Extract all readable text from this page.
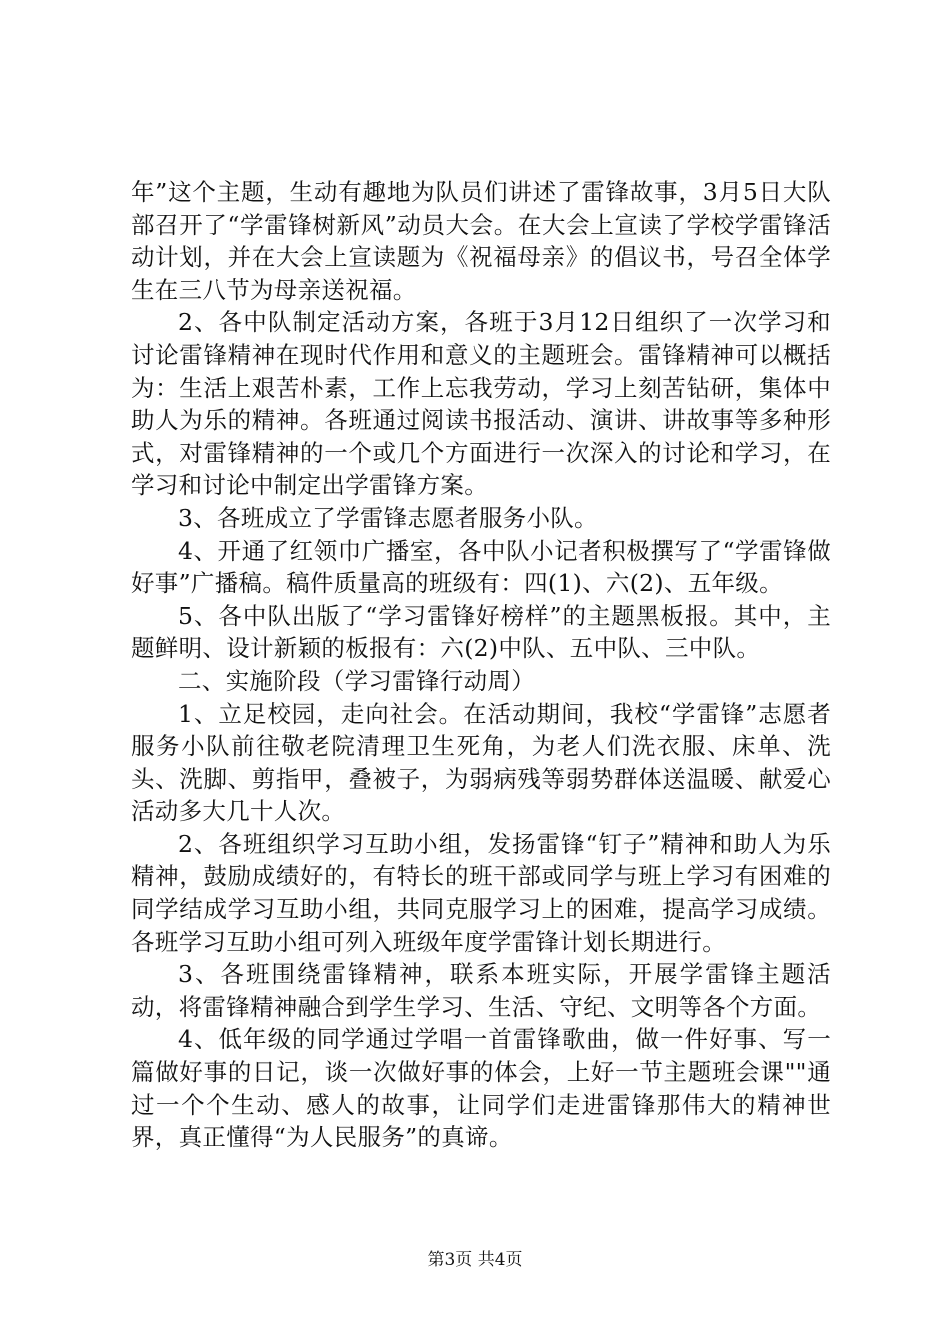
年”这个主题，生动有趣地为队员们讲述了雷锋故事，3月5日大队部召开了“学雷锋树新风”动员大会。在大会上宣读了学校学雷锋活动计划，并在大会上宣读题为《祝福母亲》的倡议书，号召全体学生在三八节为母亲送祝福。

2、各中队制定活动方案，各班于3月12日组织了一次学习和讨论雷锋精神在现时代作用和意义的主题班会。雷锋精神可以概括为：生活上艰苦朴素，工作上忘我劳动，学习上刻苦钻研，集体中助人为乐的精神。各班通过阅读书报活动、演讲、讲故事等多种形式，对雷锋精神的一个或几个方面进行一次深入的讨论和学习，在学习和讨论中制定出学雷锋方案。

3、各班成立了学雷锋志愿者服务小队。

4、开通了红领巾广播室，各中队小记者积极撰写了“学雷锋做好事”广播稿。稿件质量高的班级有：四(1)、六(2)、五年级。

5、各中队出版了“学习雷锋好榜样”的主题黑板报。其中，主题鲜明、设计新颖的板报有：六(2)中队、五中队、三中队。

二、实施阶段（学习雷锋行动周）

1、立足校园，走向社会。在活动期间，我校“学雷锋”志愿者服务小队前往敬老院清理卫生死角，为老人们洗衣服、床单、洗头、洗脚、剪指甲，叠被子，为弱病残等弱势群体送温暖、献爱心活动多大几十人次。

2、各班组织学习互助小组，发扬雷锋“钉子”精神和助人为乐精神，鼓励成绩好的，有特长的班干部或同学与班上学习有困难的同学结成学习互助小组，共同克服学习上的困难，提高学习成绩。各班学习互助小组可列入班级年度学雷锋计划长期进行。

3、各班围绕雷锋精神，联系本班实际，开展学雷锋主题活动，将雷锋精神融合到学生学习、生活、守纪、文明等各个方面。

4、低年级的同学通过学唱一首雷锋歌曲，做一件好事、写一篇做好事的日记，谈一次做好事的体会，上好一节主题班会课""通过一个个生动、感人的故事，让同学们走进雷锋那伟大的精神世界，真正懂得“为人民服务”的真谛。

第3页 共4页
